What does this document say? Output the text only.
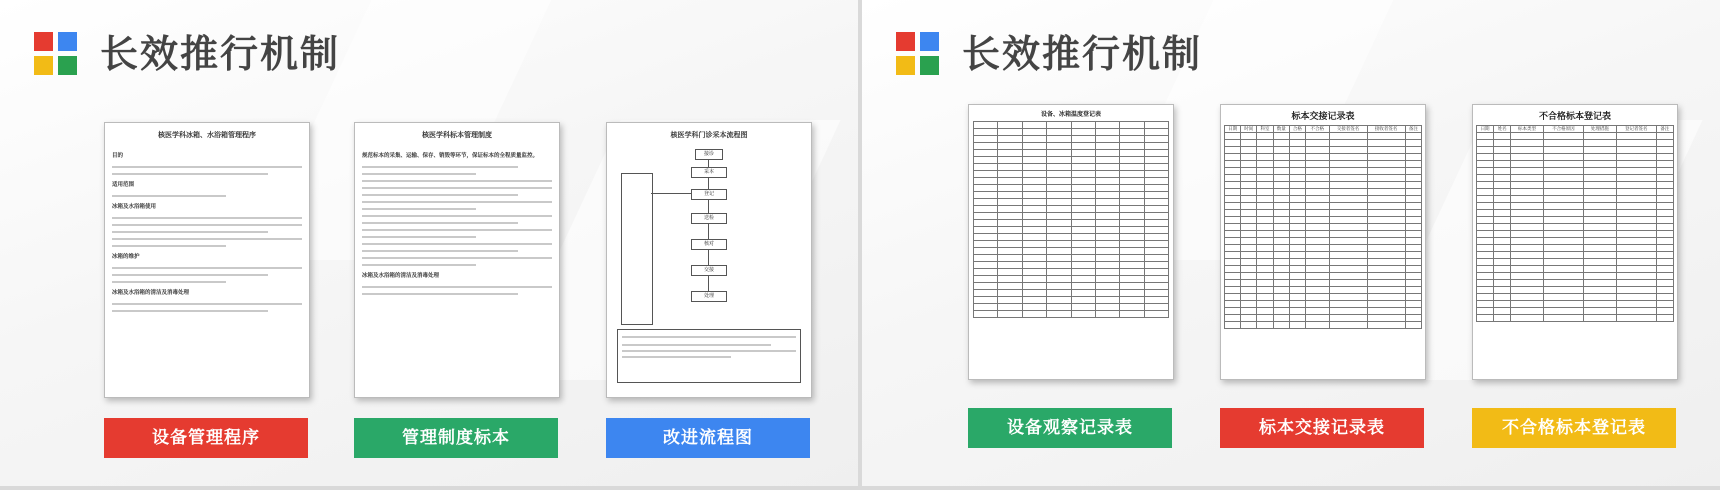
长效推行机制
核医学科冰箱、水浴箱管理程序
目的
适用范围
冰箱及水浴箱使用
冰箱的维护
冰箱及水浴箱的清洁及消毒处理
核医学科标本管理制度
规范标本的采集、运输、保存、销毁等环节，保证标本的全程质量监控。
冰箱及水浴箱的清洁及消毒处理
核医学科门诊采本流程图
接诊
采本
登记
送检
核对
交接
处理
设备管理程序	管理制度标本	改进流程图
长效推行机制
设备、冰箱温度登记表

								标本交接记录表
日期	时间	科室	数量	合格	不合格	交接者签名	接收者签名	备注

不合格标本登记表
日期	姓名	标本类型	不合格原因	处理措施	登记者签名	备注

设备观察记录表	标本交接记录表	不合格标本登记表
